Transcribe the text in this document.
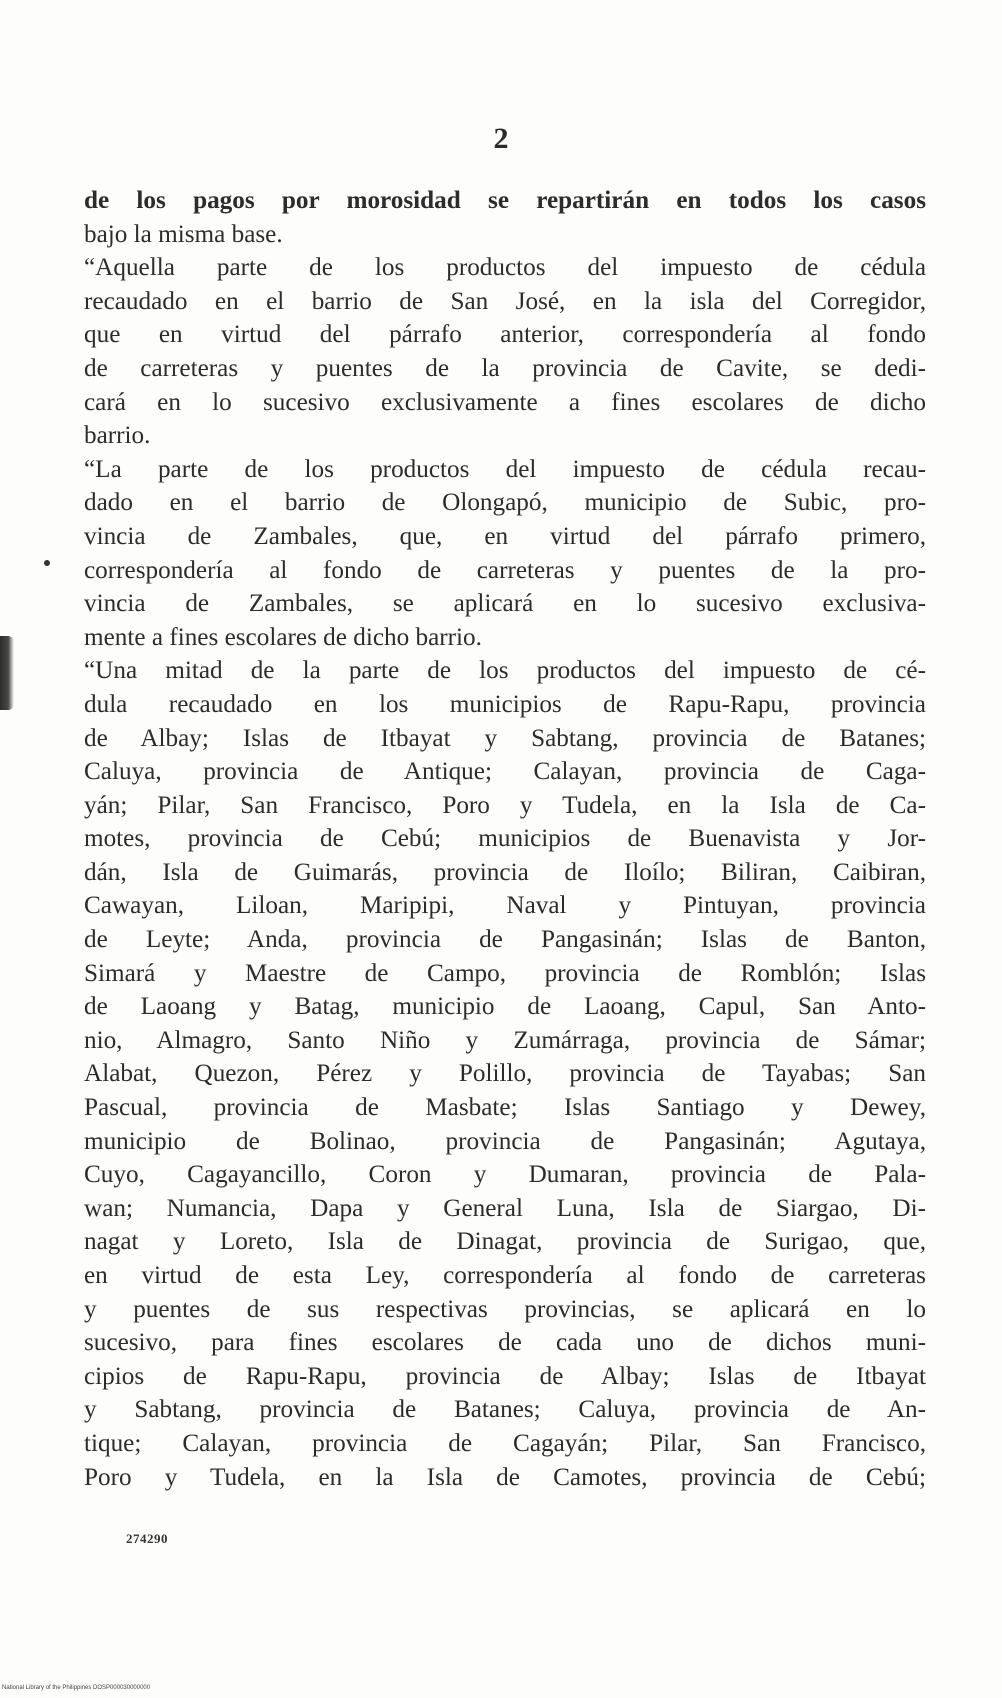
2
de los pagos por morosidad se repartirán en todos los casos
bajo la misma base.
“Aquella parte de los productos del impuesto de cédula
recaudado en el barrio de San José, en la isla del Corregidor,
que en virtud del párrafo anterior, correspondería al fondo
de carreteras y puentes de la provincia de Cavite, se dedi-
cará en lo sucesivo exclusivamente a fines escolares de dicho
barrio.
“La parte de los productos del impuesto de cédula recau-
dado en el barrio de Olongapó, municipio de Subic, pro-
vincia de Zambales, que, en virtud del párrafo primero,
correspondería al fondo de carreteras y puentes de la pro-
vincia de Zambales, se aplicará en lo sucesivo exclusiva-
mente a fines escolares de dicho barrio.
“Una mitad de la parte de los productos del impuesto de cé-
dula recaudado en los municipios de Rapu-Rapu, provincia
de Albay; Islas de Itbayat y Sabtang, provincia de Batanes;
Caluya, provincia de Antique; Calayan, provincia de Caga-
yán; Pilar, San Francisco, Poro y Tudela, en la Isla de Ca-
motes, provincia de Cebú; municipios de Buenavista y Jor-
dán, Isla de Guimarás, provincia de Iloílo; Biliran, Caibiran,
Cawayan, Liloan, Maripipi, Naval y Pintuyan, provincia
de Leyte; Anda, provincia de Pangasinán; Islas de Banton,
Simará y Maestre de Campo, provincia de Romblón; Islas
de Laoang y Batag, municipio de Laoang, Capul, San Anto-
nio, Almagro, Santo Niño y Zumárraga, provincia de Sámar;
Alabat, Quezon, Pérez y Polillo, provincia de Tayabas; San
Pascual, provincia de Masbate; Islas Santiago y Dewey,
municipio de Bolinao, provincia de Pangasinán; Agutaya,
Cuyo, Cagayancillo, Coron y Dumaran, provincia de Pala-
wan; Numancia, Dapa y General Luna, Isla de Siargao, Di-
nagat y Loreto, Isla de Dinagat, provincia de Surigao, que,
en virtud de esta Ley, correspondería al fondo de carreteras
y puentes de sus respectivas provincias, se aplicará en lo
sucesivo, para fines escolares de cada uno de dichos muni-
cipios de Rapu-Rapu, provincia de Albay; Islas de Itbayat
y Sabtang, provincia de Batanes; Caluya, provincia de An-
tique; Calayan, provincia de Cagayán; Pilar, San Francisco,
Poro y Tudela, en la Isla de Camotes, provincia de Cebú;
274290
National Library of the Philippines DOSP000030000000
